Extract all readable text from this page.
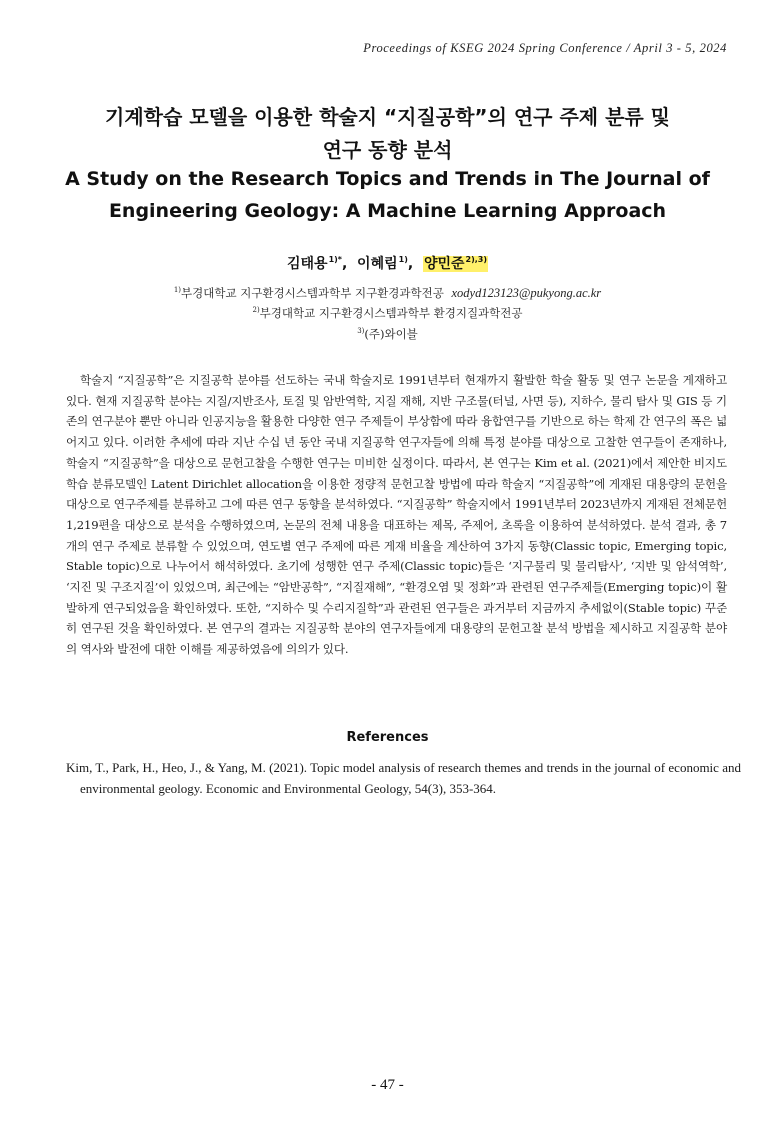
Proceedings of KSEG 2024 Spring Conference / April 3 - 5, 2024
기계학습 모델을 이용한 학술지 “지질공학”의 연구 주제 분류 및
연구 동향 분석
A Study on the Research Topics and Trends in The Journal of
Engineering Geology: A Machine Learning Approach
김태용$^{1)*}$,  이혜림$^{1)}$,  양민준$^{2),3)}$
$^{1)}$부경대학교 지구환경시스템과학부 지구환경과학전공 xodyd123123@pukyong.ac.kr
$^{2)}$부경대학교 지구환경시스템과학부 환경지질과학전공
$^{3)}$(주)와이블
학술지 “지질공학”은 지질공학 분야를 선도하는 국내 학술지로 1991년부터 현재까지 활발한 학술 활동 및 연구 논문을 게재하고 있다. 현재 지질공학 분야는 지질/지반조사, 토질 및 암반역학, 지질 재해, 지반 구조물(터널, 사면 등), 지하수, 물리 탐사 및 GIS 등 기존의 연구분야 뿐만 아니라 인공지능을 활용한 다양한 연구 주제들이 부상함에 따라 융합연구를 기반으로 하는 학제 간 연구의 폭은 넓어지고 있다. 이러한 추세에 따라 지난 수십 년 동안 국내 지질공학 연구자들에 의해 특정 분야를 대상으로 고찰한 연구들이 존재하나, 학술지 “지질공학”을 대상으로 문헌고찰을 수행한 연구는 미비한 실정이다. 따라서, 본 연구는 Kim et al. (2021)에서 제안한 비지도학습 분류모델인 Latent Dirichlet allocation을 이용한 정량적 문헌고찰 방법에 따라 학술지 “지질공학”에 게재된 대용량의 문헌을 대상으로 연구주제를 분류하고 그에 따른 연구 동향을 분석하였다. “지질공학” 학술지에서 1991년부터 2023년까지 게재된 전체문헌 1,219편을 대상으로 분석을 수행하였으며, 논문의 전체 내용을 대표하는 제목, 주제어, 초록을 이용하여 분석하였다. 분석 결과, 총 7개의 연구 주제로 분류할 수 있었으며, 연도별 연구 주제에 따른 게재 비율을 계산하여 3가지 동향(Classic topic, Emerging topic, Stable topic)으로 나누어서 해석하였다. 초기에 성행한 연구 주제(Classic topic)들은 ‘지구물리 및 물리탐사’, ‘지반 및 암석역학’, ‘지진 및 구조지질’이 있었으며, 최근에는 “암반공학”, “지질재해”, “환경오염 및 정화”과 관련된 연구주제들(Emerging topic)이 활발하게 연구되었음을 확인하였다. 또한, “지하수 및 수리지질학”과 관련된 연구들은 과거부터 지금까지 추세없이(Stable topic) 꾸준히 연구된 것을 확인하였다. 본 연구의 결과는 지질공학 분야의 연구자들에게 대용량의 문헌고찰 분석 방법을 제시하고 지질공학 분야의 역사와 발전에 대한 이해를 제공하였음에 의의가 있다.
References
Kim, T., Park, H., Heo, J., & Yang, M. (2021). Topic model analysis of research themes and trends in the journal of economic and environmental geology. Economic and Environmental Geology, 54(3), 353-364.
- 47 -
